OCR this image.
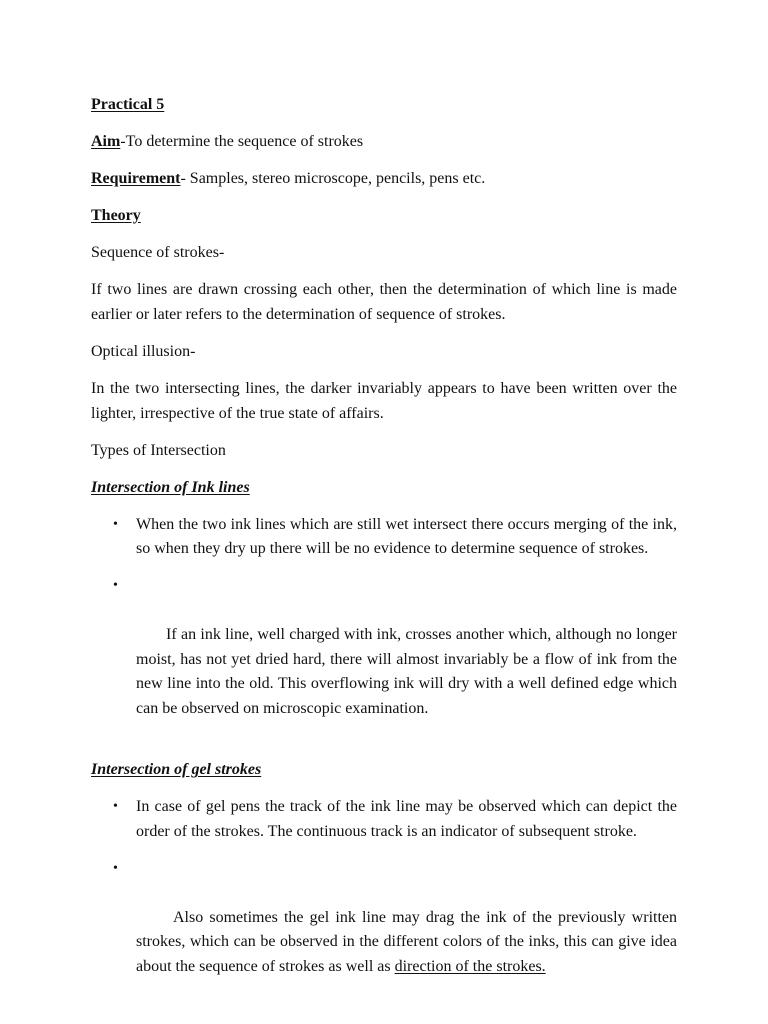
Practical 5

Aim-To determine the sequence of strokes

Requirement- Samples, stereo microscope, pencils, pens etc.

Theory

Sequence of strokes-

If two lines are drawn crossing each other, then the determination of which line is made earlier or later refers to the determination of sequence of strokes.

Optical illusion-

In the two intersecting lines, the darker invariably appears to have been written over the lighter, irrespective of the true state of affairs.

Types of Intersection

Intersection of Ink lines

• When the two ink lines which are still wet intersect there occurs merging of the ink, so when they dry up there will be no evidence to determine sequence of strokes.

•

If an ink line, well charged with ink, crosses another which, although no longer moist, has not yet dried hard, there will almost invariably be a flow of ink from the new line into the old. This overflowing ink will dry with a well defined edge which can be observed on microscopic examination.

Intersection of gel strokes

• In case of gel pens the track of the ink line may be observed which can depict the order of the strokes. The continuous track is an indicator of subsequent stroke.

•

Also sometimes the gel ink line may drag the ink of the previously written strokes, which can be observed in the different colors of the inks, this can give idea about the sequence of strokes as well as direction of the strokes.
